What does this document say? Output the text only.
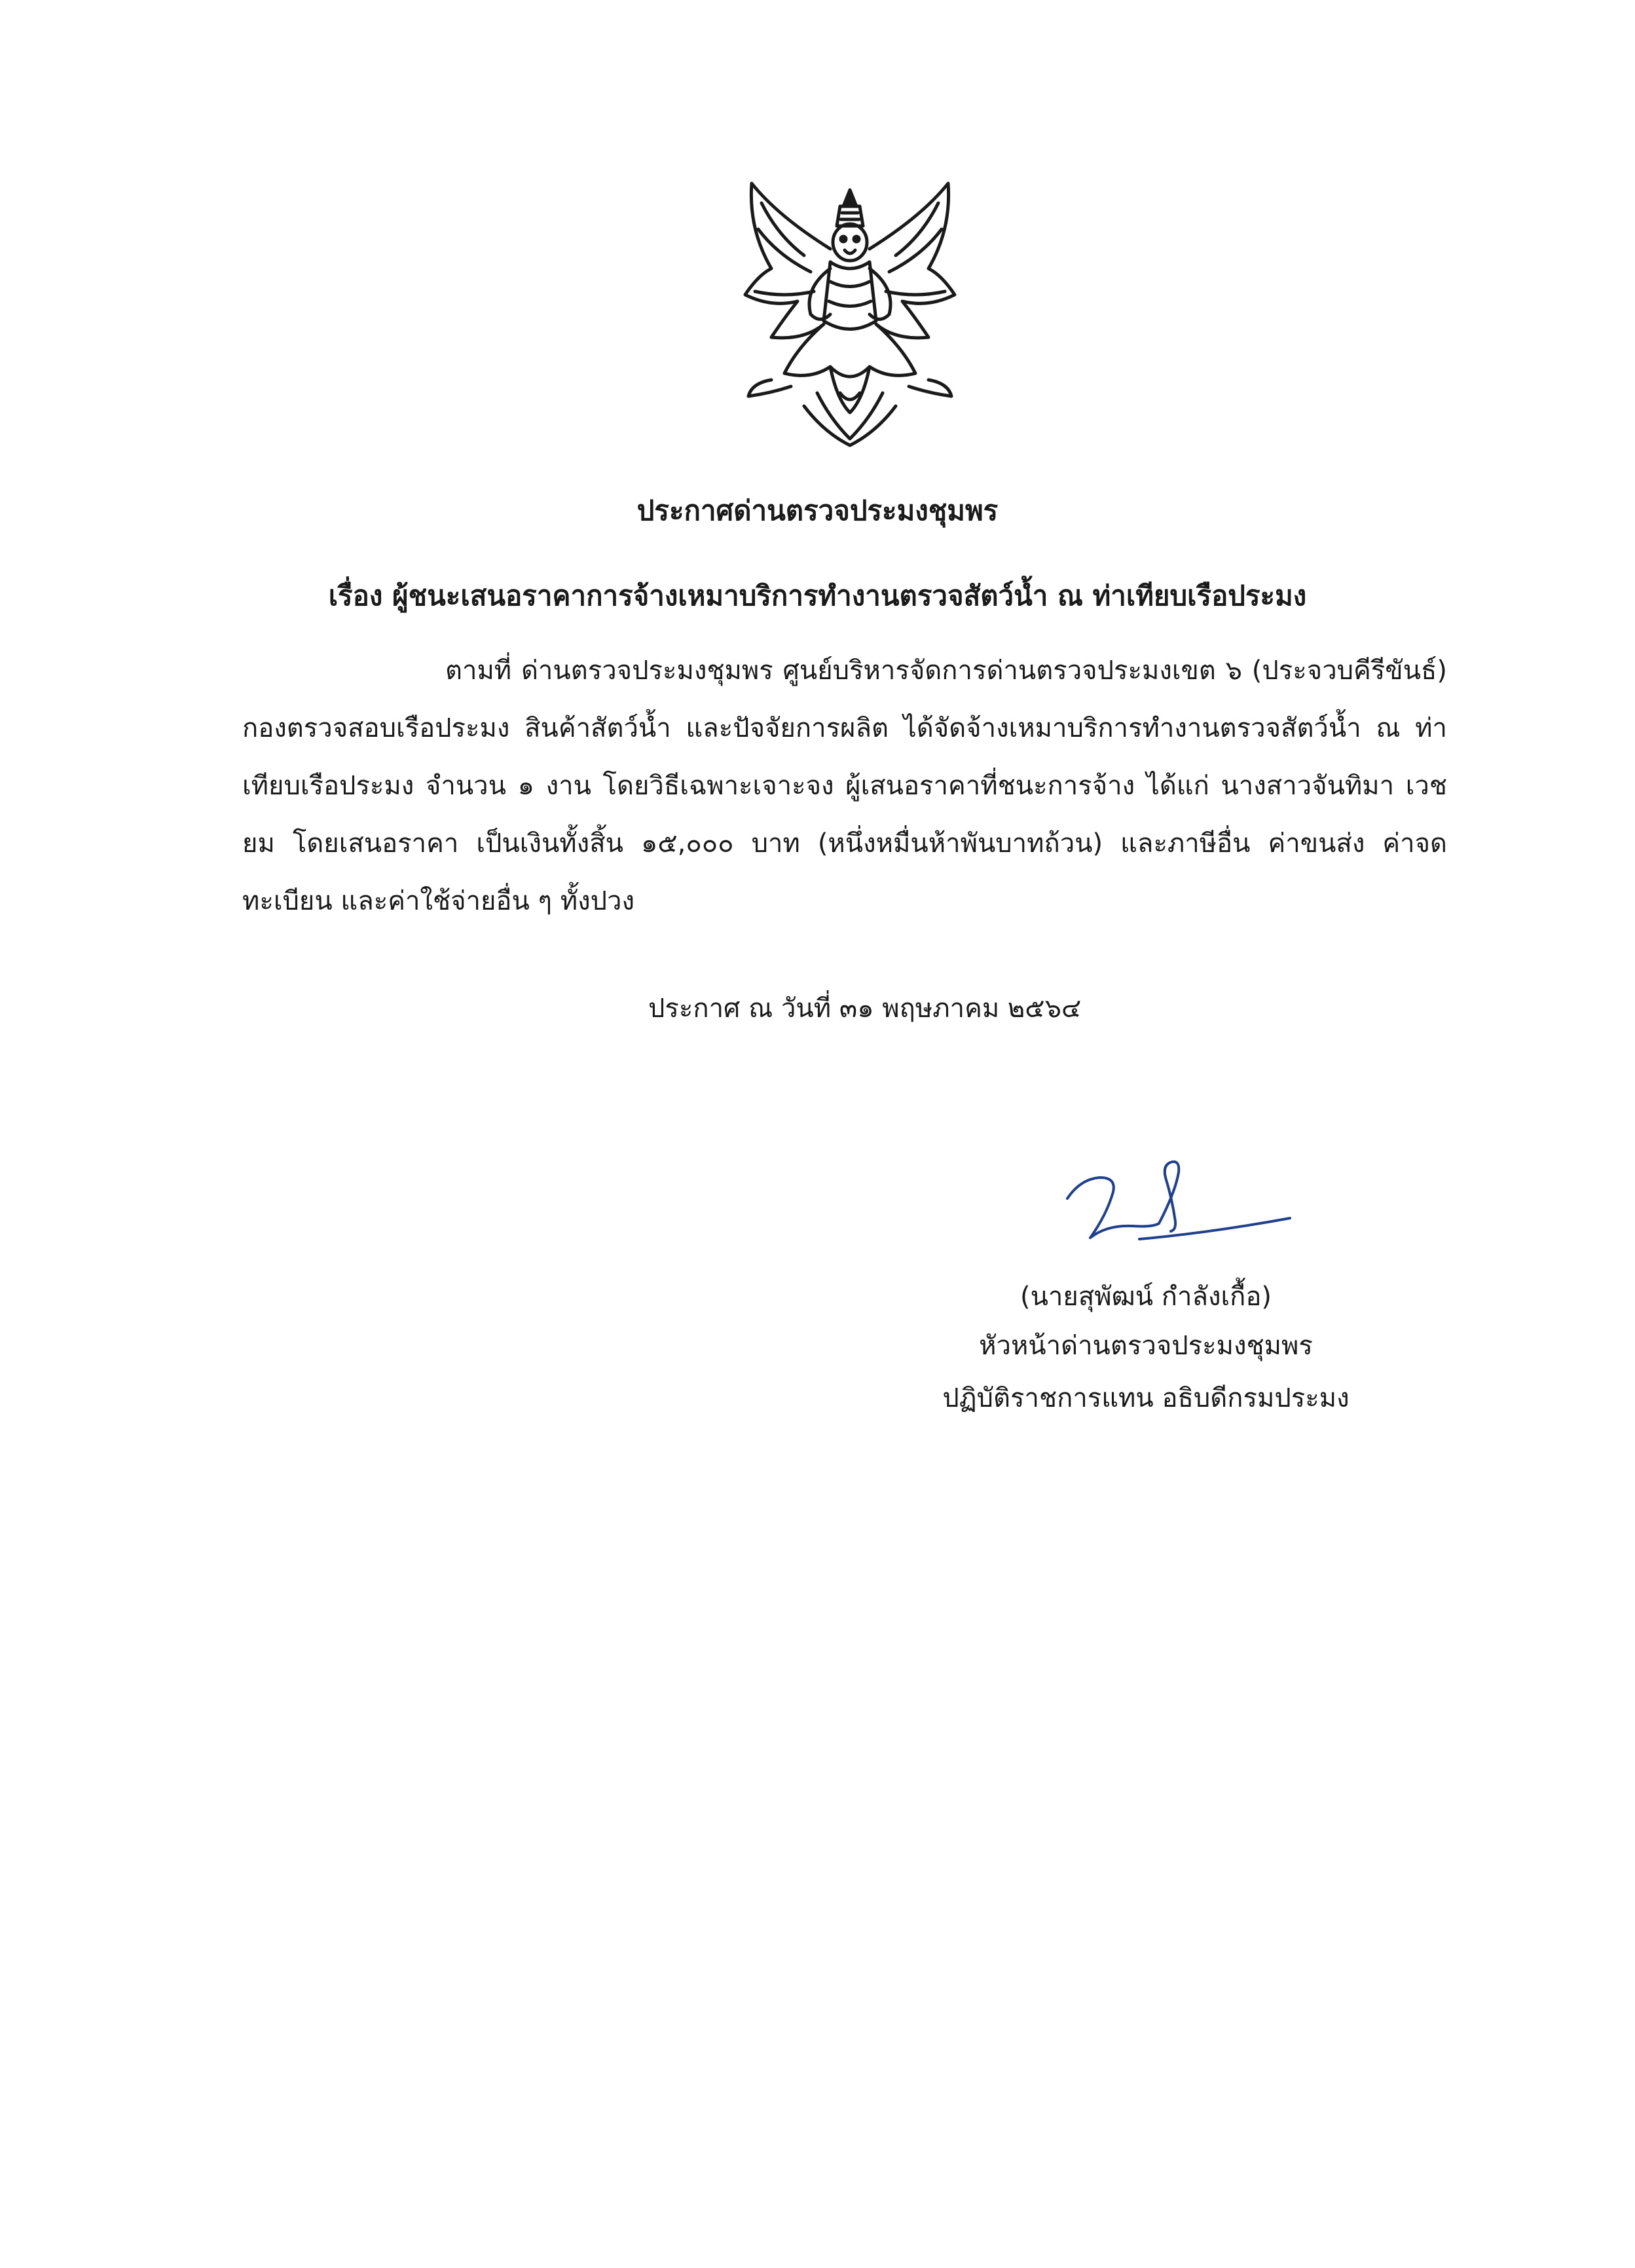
ประกาศด่านตรวจประมงชุมพร
เรื่อง ผู้ชนะเสนอราคาการจ้างเหมาบริการทำงานตรวจสัตว์น้ำ ณ ท่าเทียบเรือประมง

ตามที่ ด่านตรวจประมงชุมพร ศูนย์บริหารจัดการด่านตรวจประมงเขต ๖ (ประจวบคีรีขันธ์) กองตรวจสอบเรือประมง สินค้าสัตว์น้ำ และปัจจัยการผลิต ได้จัดจ้างเหมาบริการทำงานตรวจสัตว์น้ำ ณ ท่าเทียบเรือประมง จำนวน ๑ งาน โดยวิธีเฉพาะเจาะจง ผู้เสนอราคาที่ชนะการจ้าง ได้แก่ นางสาวจันทิมา เวชยม โดยเสนอราคา เป็นเงินทั้งสิ้น ๑๕,๐๐๐ บาท (หนึ่งหมื่นห้าพันบาทถ้วน) และภาษีอื่น ค่าขนส่ง ค่าจดทะเบียน และค่าใช้จ่ายอื่น ๆ ทั้งปวง

ประกาศ ณ วันที่ ๓๑ พฤษภาคม ๒๕๖๔
(นายสุพัฒน์ กำลังเกื้อ)
หัวหน้าด่านตรวจประมงชุมพร
ปฏิบัติราชการแทน อธิบดีกรมประมง
